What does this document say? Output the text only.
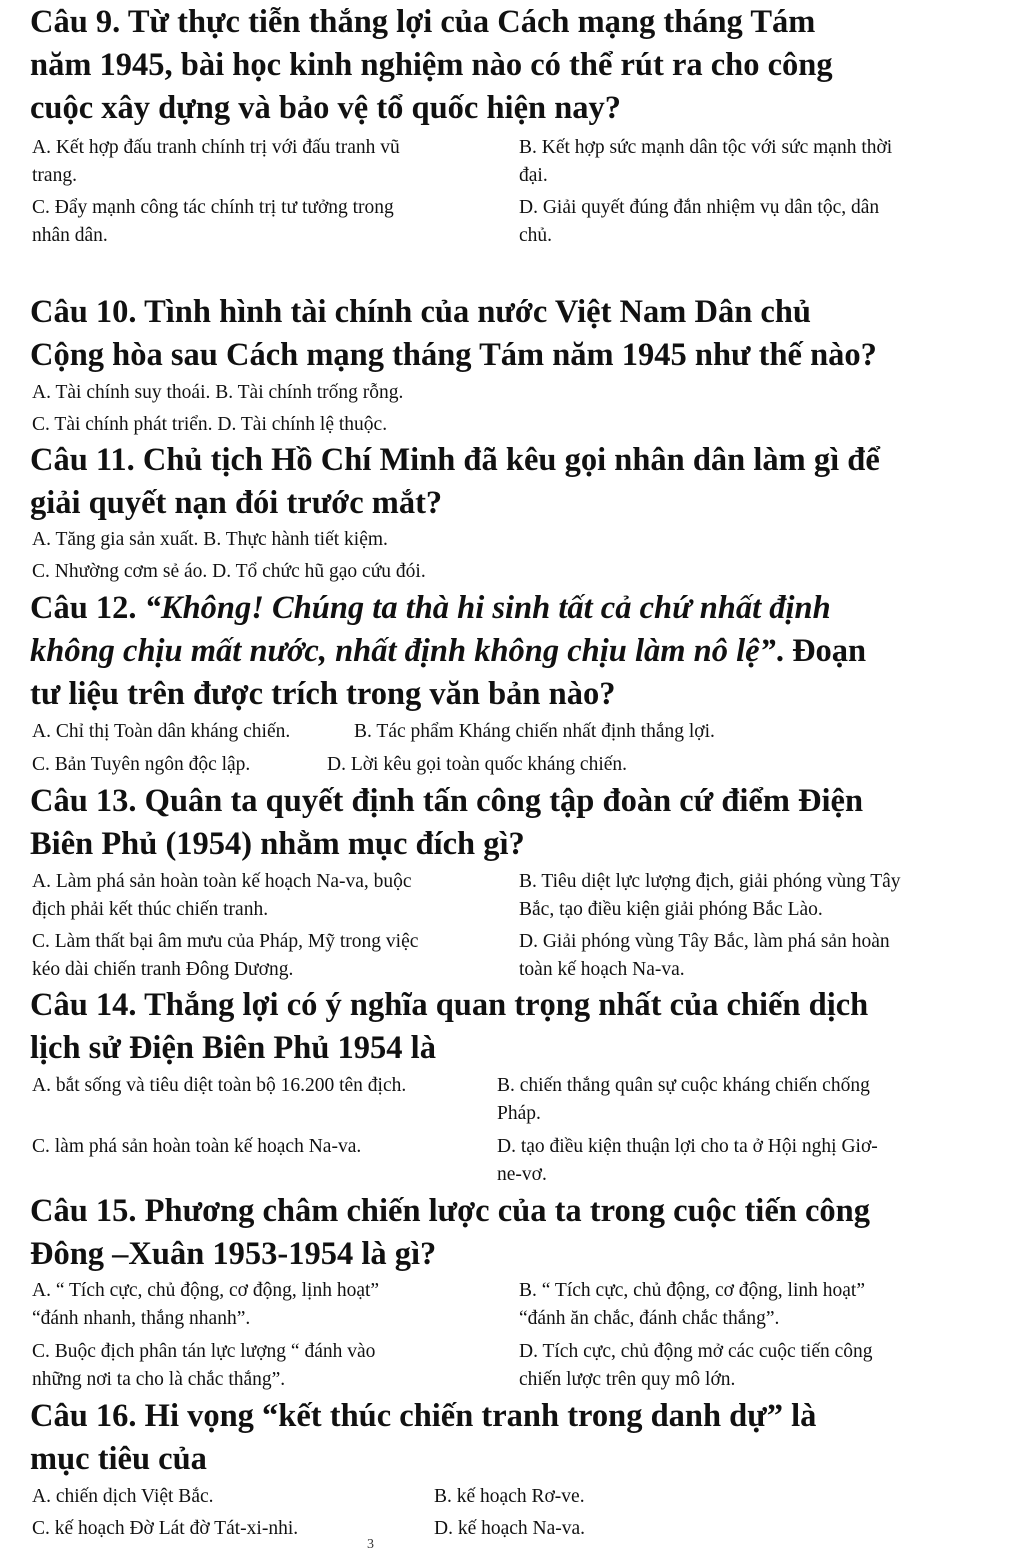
Câu 9. Từ thực tiễn thắng lợi của Cách mạng tháng Tám
năm 1945, bài học kinh nghiệm nào có thể rút ra cho công
cuộc xây dựng và bảo vệ tổ quốc hiện nay?
A. Kết hợp đấu tranh chính trị với đấu tranh vũ
trang.
B. Kết hợp sức mạnh dân tộc với sức mạnh thời
đại.
C. Đẩy mạnh công tác chính trị tư tưởng trong
nhân dân.
D. Giải quyết đúng đắn nhiệm vụ dân tộc, dân
chủ.
Câu 10. Tình hình tài chính của nước Việt Nam Dân chủ
Cộng hòa sau Cách mạng tháng Tám năm 1945 như thế nào?
A. Tài chính suy thoái. B. Tài chính trống rỗng.
C. Tài chính phát triển. D. Tài chính lệ thuộc.
Câu 11. Chủ tịch Hồ Chí Minh đã kêu gọi nhân dân làm gì để
giải quyết nạn đói trước mắt?
A. Tăng gia sản xuất. B. Thực hành tiết kiệm.
C. Nhường cơm sẻ áo. D. Tổ chức hũ gạo cứu đói.
Câu 12. “Không! Chúng ta thà hi sinh tất cả chứ nhất định
không chịu mất nước, nhất định không chịu làm nô lệ”. Đoạn
tư liệu trên được trích trong văn bản nào?
A. Chỉ thị Toàn dân kháng chiến.	B. Tác phẩm Kháng chiến nhất định thắng lợi.
C. Bản Tuyên ngôn độc lập.	D. Lời kêu gọi toàn quốc kháng chiến.
Câu 13. Quân ta quyết định tấn công tập đoàn cứ điểm Điện
Biên Phủ (1954) nhằm mục đích gì?
A. Làm phá sản hoàn toàn kế hoạch Na-va, buộc
địch phải kết thúc chiến tranh.
B. Tiêu diệt lực lượng địch, giải phóng vùng Tây
Bắc, tạo điều kiện giải phóng Bắc Lào.
C. Làm thất bại âm mưu của Pháp, Mỹ trong việc
kéo dài chiến tranh Đông Dương.
D. Giải phóng vùng Tây Bắc, làm phá sản hoàn
toàn kế hoạch Na-va.
Câu 14. Thắng lợi có ý nghĩa quan trọng nhất của chiến dịch
lịch sử Điện Biên Phủ 1954 là
A. bắt sống và tiêu diệt toàn bộ 16.200 tên địch.	B. chiến thắng quân sự cuộc kháng chiến chống
Pháp.
C. làm phá sản hoàn toàn kế hoạch Na-va.	D. tạo điều kiện thuận lợi cho ta ở Hội nghị Giơ-
ne-vơ.
Câu 15. Phương châm chiến lược của ta trong cuộc tiến công
Đông –Xuân 1953-1954 là gì?
A. “ Tích cực, chủ động, cơ động, lịnh hoạt”
“đánh nhanh, thắng nhanh”.
B. “ Tích cực, chủ động, cơ động, linh hoạt”
“đánh ăn chắc, đánh chắc thắng”.
C. Buộc địch phân tán lực lượng “ đánh vào
những nơi ta cho là chắc thắng”.
D. Tích cực, chủ động mở các cuộc tiến công
chiến lược trên quy mô lớn.
Câu 16. Hi vọng “kết thúc chiến tranh trong danh dự” là
mục tiêu của
A. chiến dịch Việt Bắc.	B. kế hoạch Rơ-ve.
C. kế hoạch Đờ Lát đờ Tát-xi-nhi.	D. kế hoạch Na-va.
3
